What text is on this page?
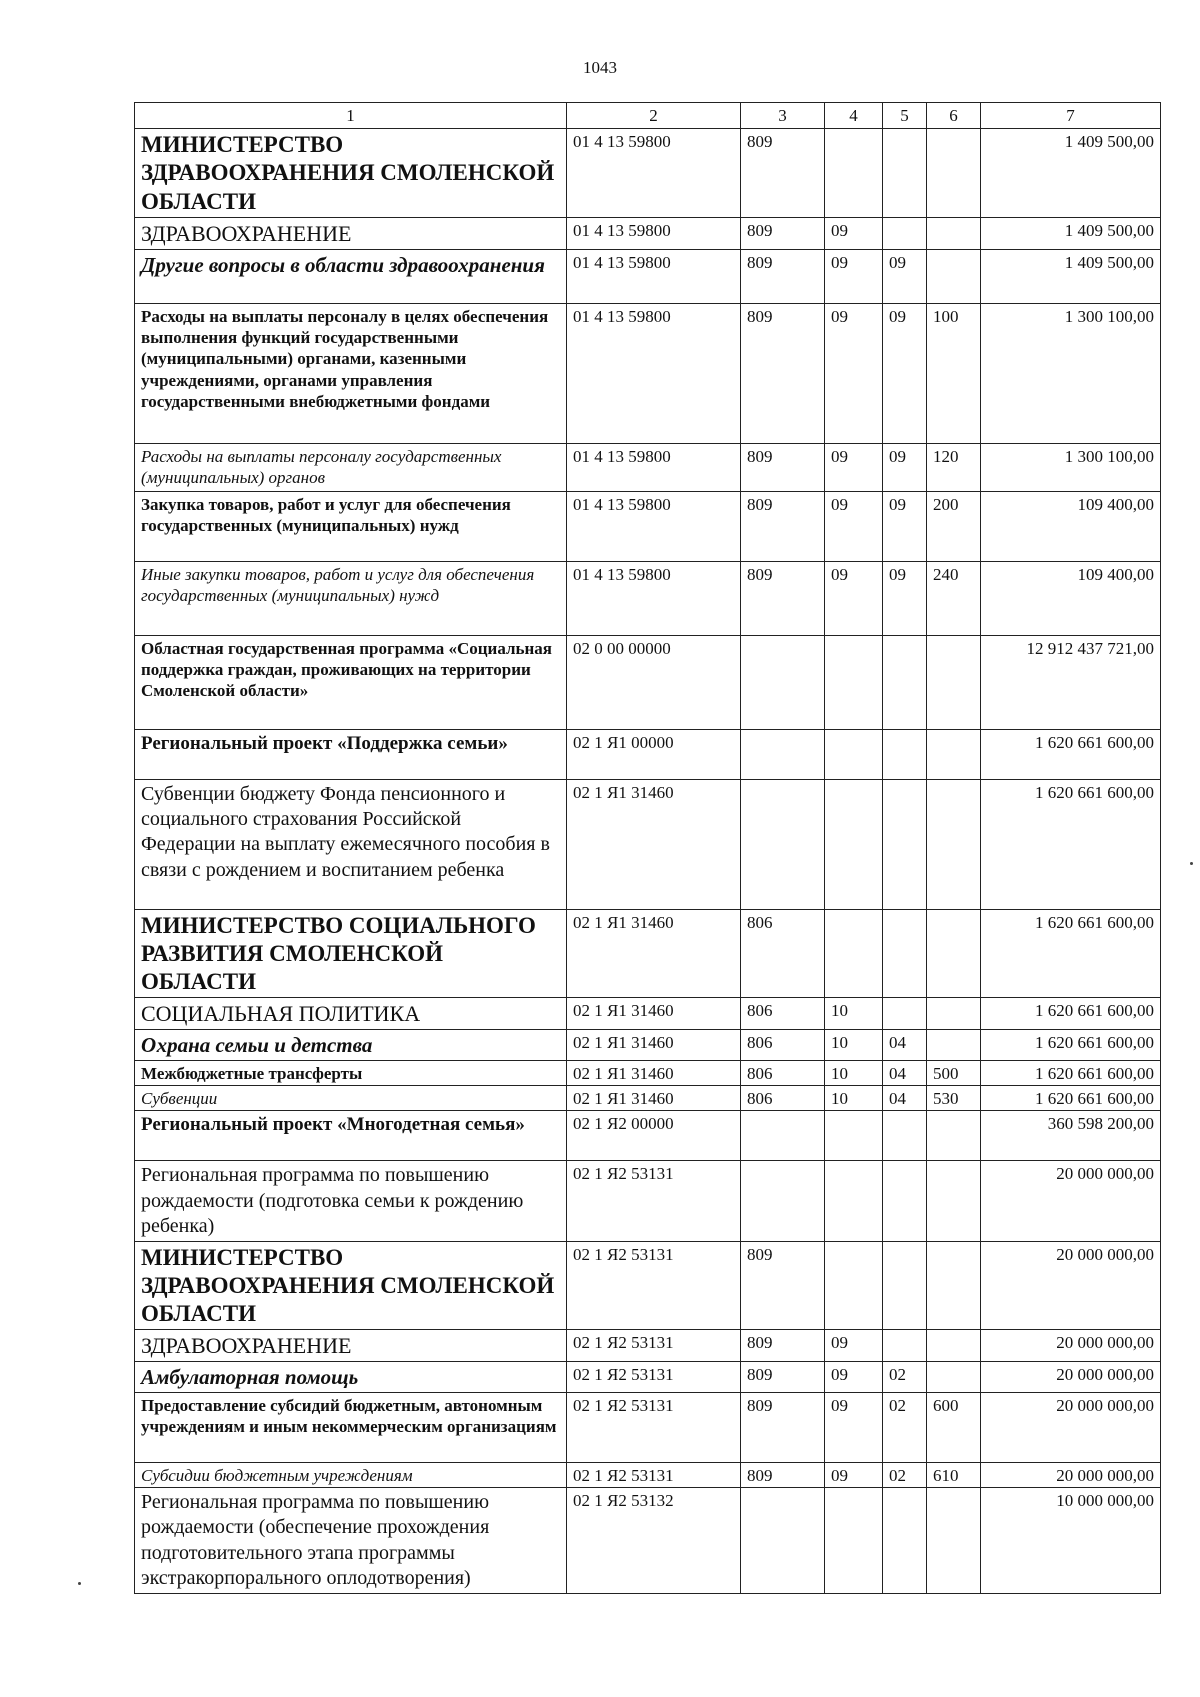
1043
1	2	3	4	5	6	7
МИНИСТЕРСТВО ЗДРАВООХРАНЕНИЯ СМОЛЕНСКОЙ ОБЛАСТИ	01 4 13 59800	809				1 409 500,00
ЗДРАВООХРАНЕНИЕ	01 4 13 59800	809	09			1 409 500,00
Другие вопросы в области здравоохранения	01 4 13 59800	809	09	09		1 409 500,00
Расходы на выплаты персоналу в целях обеспечения выполнения функций государственными (муниципальными) органами, казенными учреждениями, органами управления государственными внебюджетными фондами	01 4 13 59800	809	09	09	100	1 300 100,00
Расходы на выплаты персоналу государственных (муниципальных) органов	01 4 13 59800	809	09	09	120	1 300 100,00
Закупка товаров, работ и услуг для обеспечения государственных (муниципальных) нужд	01 4 13 59800	809	09	09	200	109 400,00
Иные закупки товаров, работ и услуг для обеспечения государственных (муниципальных) нужд	01 4 13 59800	809	09	09	240	109 400,00
Областная государственная программа «Социальная поддержка граждан, проживающих на территории Смоленской области»	02 0 00 00000					12 912 437 721,00
Региональный проект «Поддержка семьи»	02 1 Я1 00000					1 620 661 600,00
Субвенции бюджету Фонда пенсионного и социального страхования Российской Федерации на выплату ежемесячного пособия в связи с рождением и воспитанием ребенка	02 1 Я1 31460					1 620 661 600,00
МИНИСТЕРСТВО СОЦИАЛЬНОГО РАЗВИТИЯ СМОЛЕНСКОЙ ОБЛАСТИ	02 1 Я1 31460	806				1 620 661 600,00
СОЦИАЛЬНАЯ ПОЛИТИКА	02 1 Я1 31460	806	10			1 620 661 600,00
Охрана семьи и детства	02 1 Я1 31460	806	10	04		1 620 661 600,00
Межбюджетные трансферты	02 1 Я1 31460	806	10	04	500	1 620 661 600,00
Субвенции	02 1 Я1 31460	806	10	04	530	1 620 661 600,00
Региональный проект «Многодетная семья»	02 1 Я2 00000					360 598 200,00
Региональная программа по повышению рождаемости (подготовка семьи к рождению ребенка)	02 1 Я2 53131					20 000 000,00
МИНИСТЕРСТВО ЗДРАВООХРАНЕНИЯ СМОЛЕНСКОЙ ОБЛАСТИ	02 1 Я2 53131	809				20 000 000,00
ЗДРАВООХРАНЕНИЕ	02 1 Я2 53131	809	09			20 000 000,00
Амбулаторная помощь	02 1 Я2 53131	809	09	02		20 000 000,00
Предоставление субсидий бюджетным, автономным учреждениям и иным некоммерческим организациям	02 1 Я2 53131	809	09	02	600	20 000 000,00
Субсидии бюджетным учреждениям	02 1 Я2 53131	809	09	02	610	20 000 000,00
Региональная программа по повышению рождаемости (обеспечение прохождения подготовительного этапа программы экстракорпорального оплодотворения)	02 1 Я2 53132					10 000 000,00
